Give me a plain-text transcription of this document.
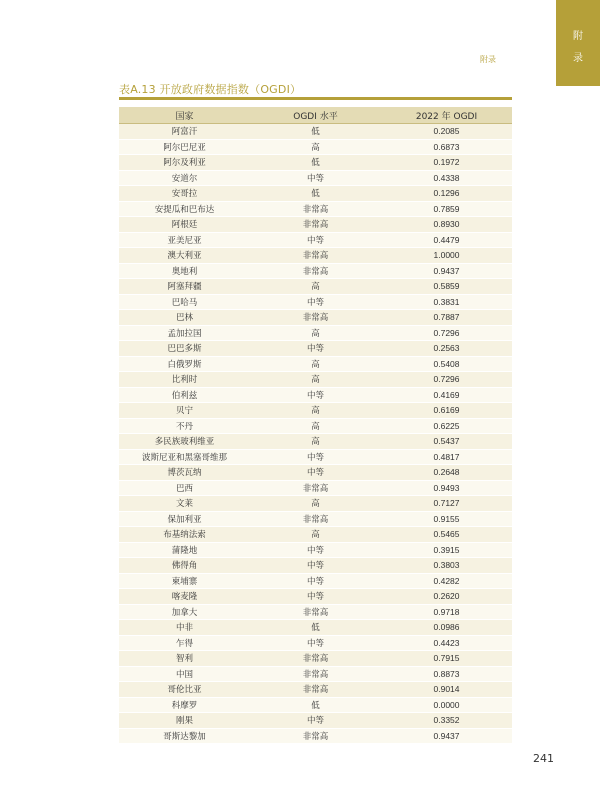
附
录
附录
表A.13 开放政府数据指数（OGDI）
国家	OGDI 水平	2022 年 OGDI
阿富汗	低	0.2085
阿尔巴尼亚	高	0.6873
阿尔及利亚	低	0.1972
安道尔	中等	0.4338
安哥拉	低	0.1296
安提瓜和巴布达	非常高	0.7859
阿根廷	非常高	0.8930
亚美尼亚	中等	0.4479
澳大利亚	非常高	1.0000
奥地利	非常高	0.9437
阿塞拜疆	高	0.5859
巴哈马	中等	0.3831
巴林	非常高	0.7887
孟加拉国	高	0.7296
巴巴多斯	中等	0.2563
白俄罗斯	高	0.5408
比利时	高	0.7296
伯利兹	中等	0.4169
贝宁	高	0.6169
不丹	高	0.6225
多民族玻利维亚	高	0.5437
波斯尼亚和黑塞哥维那	中等	0.4817
博茨瓦纳	中等	0.2648
巴西	非常高	0.9493
文莱	高	0.7127
保加利亚	非常高	0.9155
布基纳法索	高	0.5465
蒲隆地	中等	0.3915
佛得角	中等	0.3803
柬埔寨	中等	0.4282
喀麦隆	中等	0.2620
加拿大	非常高	0.9718
中非	低	0.0986
乍得	中等	0.4423
智利	非常高	0.7915
中国	非常高	0.8873
哥伦比亚	非常高	0.9014
科摩罗	低	0.0000
刚果	中等	0.3352
哥斯达黎加	非常高	0.9437
241
